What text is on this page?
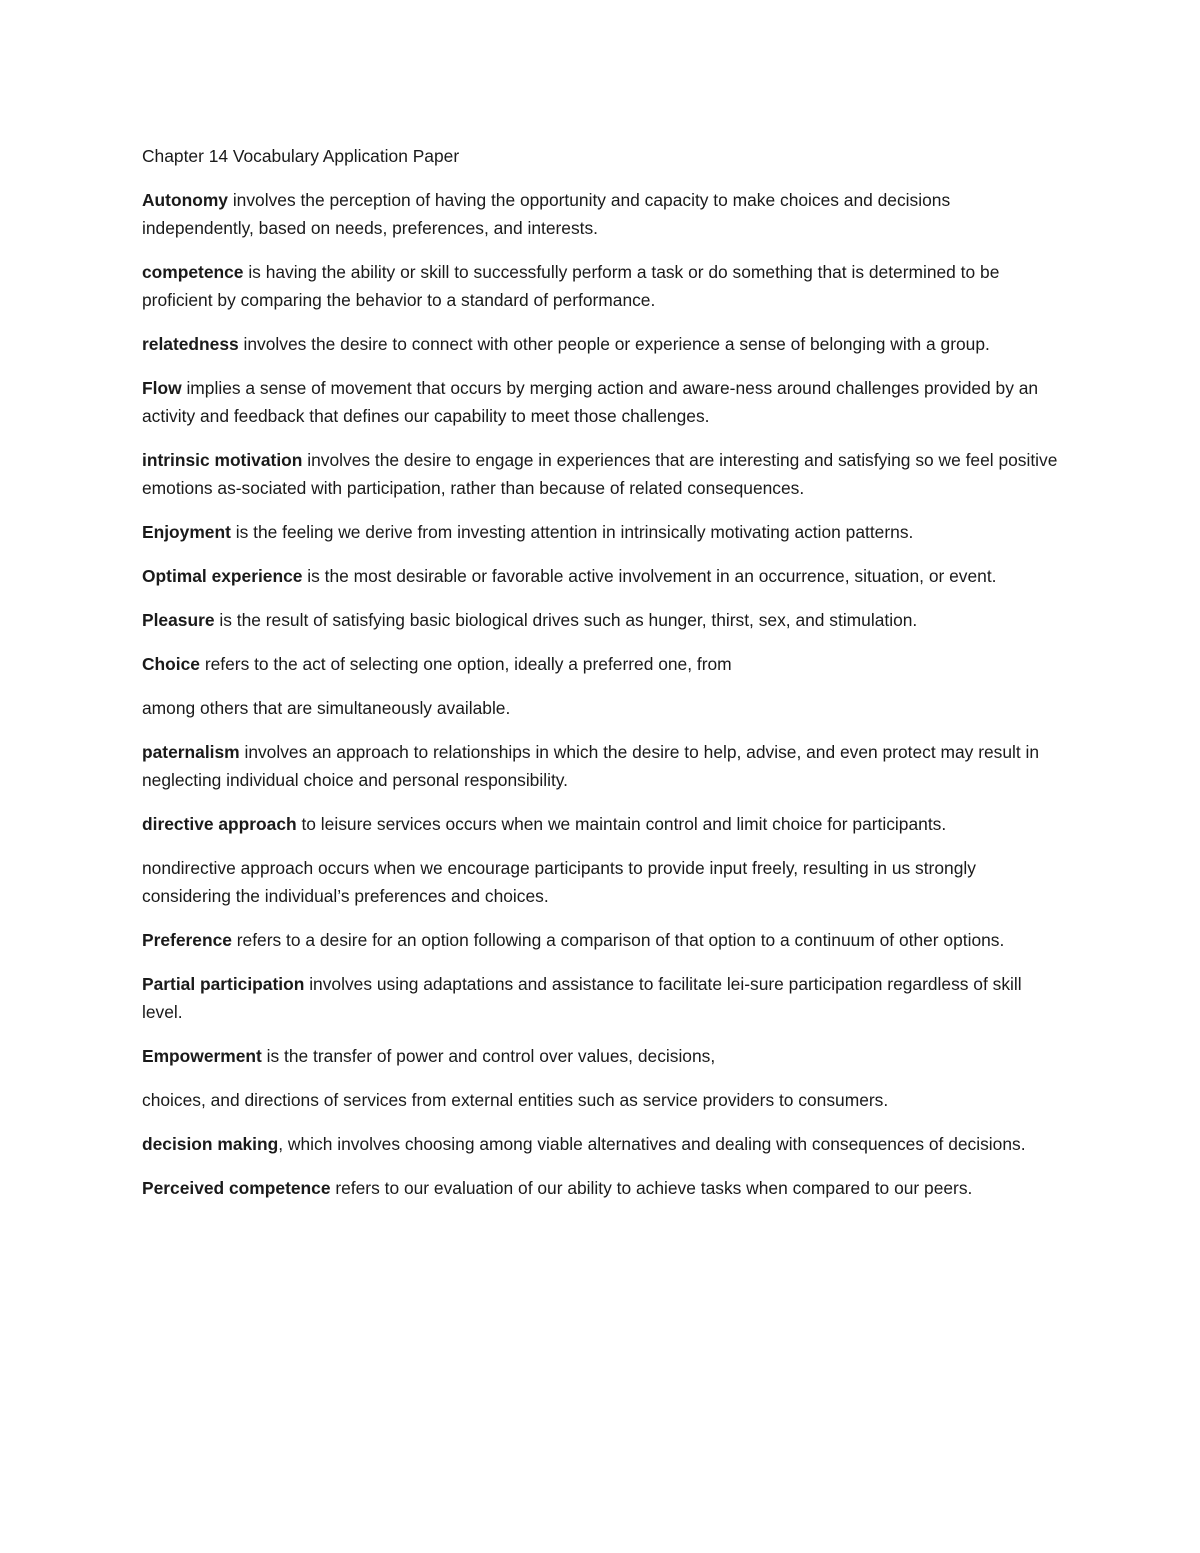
Chapter 14 Vocabulary Application Paper

Autonomy involves the perception of having the opportunity and capacity to make choices and decisions independently, based on needs, preferences, and interests.

competence is having the ability or skill to successfully perform a task or do something that is determined to be proficient by comparing the behavior to a standard of performance.

relatedness involves the desire to connect with other people or experience a sense of belonging with a group.

Flow implies a sense of movement that occurs by merging action and aware-ness around challenges provided by an activity and feedback that defines our capability to meet those challenges.

intrinsic motivation involves the desire to engage in experiences that are interesting and satisfying so we feel positive emotions as-sociated with participation, rather than because of related consequences.

Enjoyment is the feeling we derive from investing attention in intrinsically motivating action patterns.

Optimal experience is the most desirable or favorable active involvement in an occurrence, situation, or event.

Pleasure is the result of satisfying basic biological drives such as hunger, thirst, sex, and stimulation.

Choice refers to the act of selecting one option, ideally a preferred one, from

among others that are simultaneously available.

paternalism involves an approach to relationships in which the desire to help, advise, and even protect may result in neglecting individual choice and personal responsibility.

directive approach to leisure services occurs when we maintain control and limit choice for participants.

nondirective approach occurs when we encourage participants to provide input freely, resulting in us strongly considering the individual’s preferences and choices.

Preference refers to a desire for an option following a comparison of that option to a continuum of other options.

Partial participation involves using adaptations and assistance to facilitate lei-sure participation regardless of skill level.

Empowerment is the transfer of power and control over values, decisions,

choices, and directions of services from external entities such as service providers to consumers.

decision making, which involves choosing among viable alternatives and dealing with consequences of decisions.

Perceived competence refers to our evaluation of our ability to achieve tasks when compared to our peers.
